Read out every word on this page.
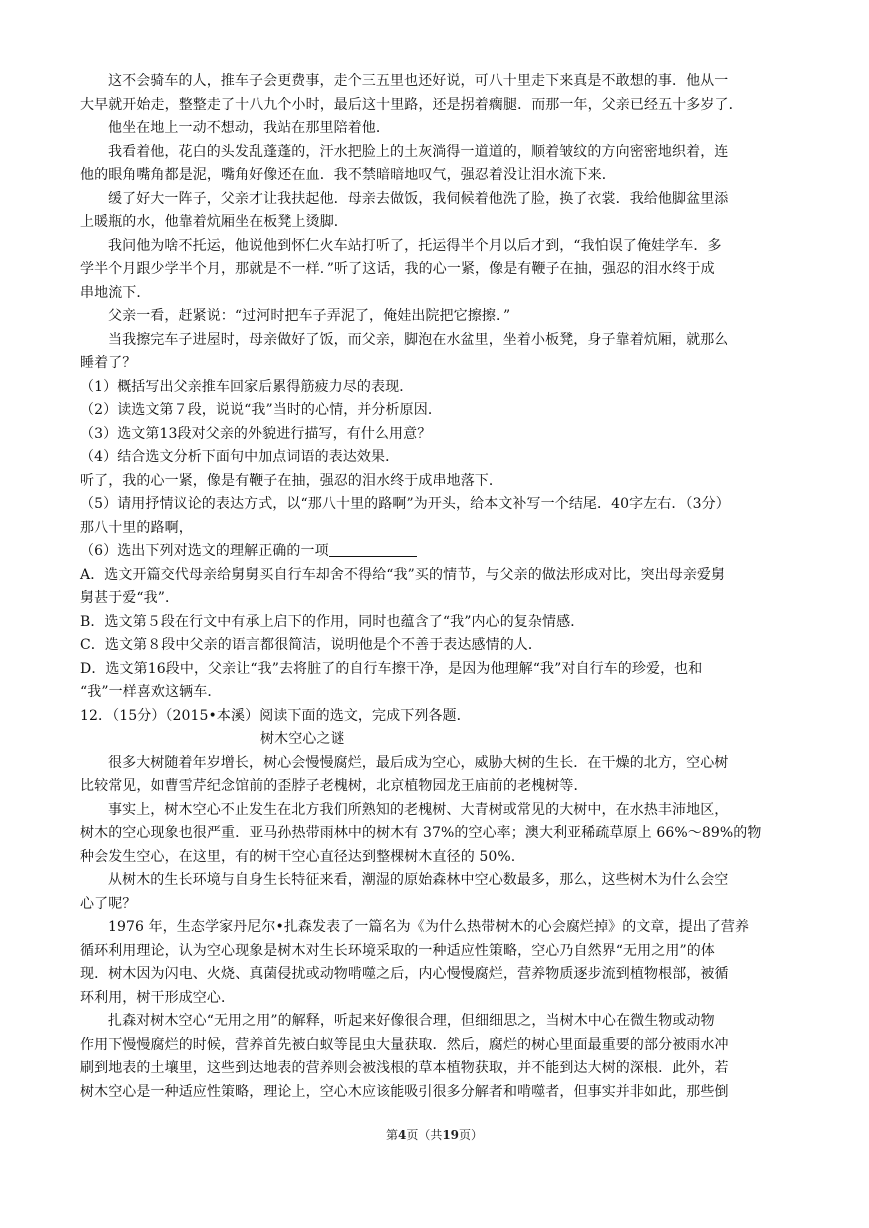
这不会骑车的人，推车子会更费事，走个三五里也还好说，可八十里走下来真是不敢想的事．他从一

大早就开始走，整整走了十八九个小时，最后这十里路，还是拐着瘸腿．而那一年，父亲已经五十多岁了．

他坐在地上一动不想动，我站在那里陪着他．

我看着他，花白的头发乱蓬蓬的，汗水把脸上的土灰淌得一道道的，顺着皱纹的方向密密地织着，连

他的眼角嘴角都是泥，嘴角好像还在血．我不禁暗暗地叹气，强忍着没让泪水流下来．

缓了好大一阵子，父亲才让我扶起他．母亲去做饭，我伺候着他洗了脸，换了衣裳．我给他脚盆里添

上暖瓶的水，他靠着炕厢坐在板凳上烫脚．

我问他为啥不托运，他说他到怀仁火车站打听了，托运得半个月以后才到，“我怕误了俺娃学车．多

学半个月跟少学半个月，那就是不一样．”听了这话，我的心一紧，像是有鞭子在抽，强忍的泪水终于成

串地流下．

父亲一看，赶紧说：“过河时把车子弄泥了，俺娃出院把它擦擦．”

当我擦完车子进屋时，母亲做好了饭，而父亲，脚泡在水盆里，坐着小板凳，身子靠着炕厢，就那么

睡着了？

（1）概括写出父亲推车回家后累得筋疲力尽的表现．

（2）读选文第７段，说说“我”当时的心情，并分析原因．

（3）选文第13段对父亲的外貌进行描写，有什么用意？

（4）结合选文分析下面句中加点词语的表达效果．

听了，我的心一紧，像是有鞭子在抽，强忍的泪水终于成串地落下．

（5）请用抒情议论的表达方式，以“那八十里的路啊”为开头，给本文补写一个结尾．40字左右．（3分）

那八十里的路啊，

（6）选出下列对选文的理解正确的一项

A．选文开篇交代母亲给舅舅买自行车却舍不得给“我”买的情节，与父亲的做法形成对比，突出母亲爱舅

舅甚于爱“我”．

B．选文第５段在行文中有承上启下的作用，同时也蕴含了“我”内心的复杂情感．

C．选文第８段中父亲的语言都很简洁，说明他是个不善于表达感情的人．

D．选文第16段中，父亲让“我”去将脏了的自行车擦干净，是因为他理解“我”对自行车的珍爱，也和

“我”一样喜欢这辆车．

12．（15分）（2015•本溪）阅读下面的选文，完成下列各题．

树木空心之谜

很多大树随着年岁增长，树心会慢慢腐烂，最后成为空心，威胁大树的生长．在干燥的北方，空心树

比较常见，如曹雪芹纪念馆前的歪脖子老槐树，北京植物园龙王庙前的老槐树等．

事实上，树木空心不止发生在北方我们所熟知的老槐树、大青树或常见的大树中，在水热丰沛地区，

树木的空心现象也很严重．亚马孙热带雨林中的树木有 37%的空心率；澳大利亚稀疏草原上 66%～89%的物

种会发生空心，在这里，有的树干空心直径达到整棵树木直径的 50%.

从树木的生长环境与自身生长特征来看，潮湿的原始森林中空心数最多，那么，这些树木为什么会空

心了呢？

1976 年，生态学家丹尼尔•扎森发表了一篇名为《为什么热带树木的心会腐烂掉》的文章，提出了营养

循环利用理论，认为空心现象是树木对生长环境采取的一种适应性策略，空心乃自然界“无用之用”的体

现．树木因为闪电、火烧、真菌侵扰或动物啃噬之后，内心慢慢腐烂，营养物质逐步流到植物根部，被循

环利用，树干形成空心．

扎森对树木空心“无用之用”的解释，听起来好像很合理，但细细思之，当树木中心在微生物或动物

作用下慢慢腐烂的时候，营养首先被白蚁等昆虫大量获取．然后，腐烂的树心里面最重要的部分被雨水冲

刷到地表的土壤里，这些到达地表的营养则会被浅根的草本植物获取，并不能到达大树的深根．此外，若

树木空心是一种适应性策略，理论上，空心木应该能吸引很多分解者和啃噬者，但事实并非如此，那些倒

第4页（共19页）
